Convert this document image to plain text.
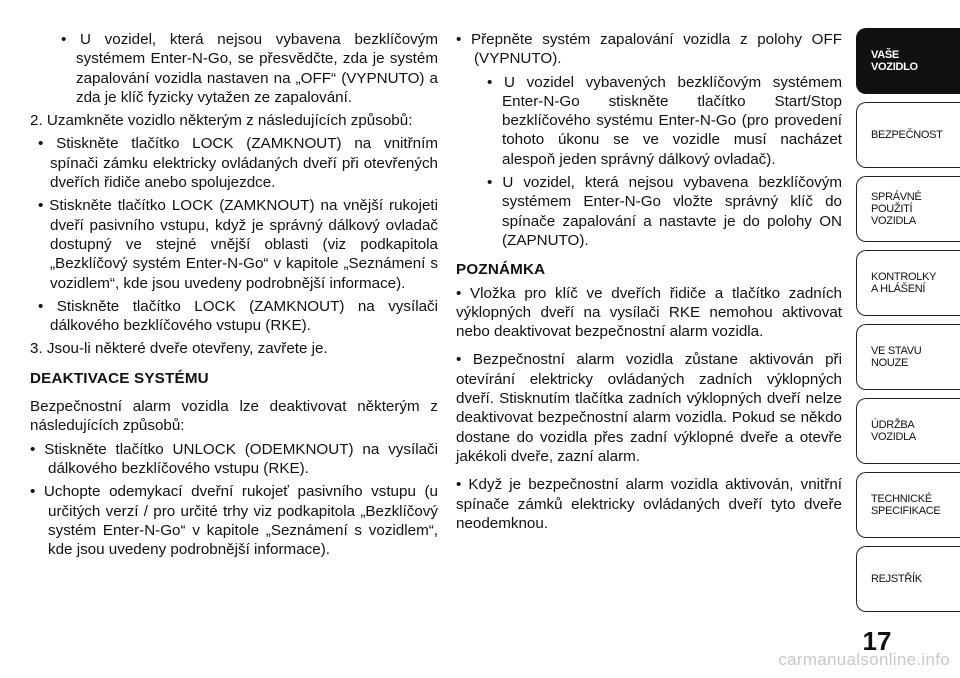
• U vozidel, která nejsou vybavena bezklíčovým systémem Enter-N-Go, se přesvědčte, zda je systém zapalování vozidla nastaven na „OFF“ (VYPNUTO) a zda je klíč fyzicky vytažen ze zapalování.

2. Uzamkněte vozidlo některým z následujících způsobů:

• Stiskněte tlačítko LOCK (ZAMKNOUT) na vnitřním spínači zámku elektricky ovládaných dveří při otevřených dveřích řidiče anebo spolujezdce.

• Stiskněte tlačítko LOCK (ZAMKNOUT) na vnější rukojeti dveří pasivního vstupu, když je správný dálkový ovladač dostupný ve stejné vnější oblasti (viz podkapitola „Bezklíčový systém Enter-N-Go“ v kapitole „Seznámení s vozidlem“, kde jsou uvedeny podrobnější informace).

• Stiskněte tlačítko LOCK (ZAMKNOUT) na vysílači dálkového bezklíčového vstupu (RKE).

3. Jsou-li některé dveře otevřeny, zavřete je.

DEAKTIVACE SYSTÉMU

Bezpečnostní alarm vozidla lze deaktivovat některým z následujících způsobů:

• Stiskněte tlačítko UNLOCK (ODEMKNOUT) na vysílači dálkového bezklíčového vstupu (RKE).

• Uchopte odemykací dveřní rukojeť pasivního vstupu (u určitých verzí / pro určité trhy viz podkapitola „Bezklíčový systém Enter-N-Go“ v kapitole „Seznámení s vozidlem“, kde jsou uvedeny podrobnější informace).

• Přepněte systém zapalování vozidla z polohy OFF (VYPNUTO).

• U vozidel vybavených bezklíčovým systémem Enter-N-Go stiskněte tlačítko Start/Stop bezklíčového systému Enter-N-Go (pro provedení tohoto úkonu se ve vozidle musí nacházet alespoň jeden správný dálkový ovladač).

• U vozidel, která nejsou vybavena bezklíčovým systémem Enter-N-Go vložte správný klíč do spínače zapalování a nastavte je do polohy ON (ZAPNUTO).

POZNÁMKA

• Vložka pro klíč ve dveřích řidiče a tlačítko zadních výklopných dveří na vysílači RKE nemohou aktivovat nebo deaktivovat bezpečnostní alarm vozidla.

• Bezpečnostní alarm vozidla zůstane aktivován při otevírání elektricky ovládaných zadních výklopných dveří. Stisknutím tlačítka zadních výklopných dveří nelze deaktivovat bezpečnostní alarm vozidla. Pokud se někdo dostane do vozidla přes zadní výklopné dveře a otevře jakékoli dveře, zazní alarm.

• Když je bezpečnostní alarm vozidla aktivován, vnitřní spínače zámků elektricky ovládaných dveří tyto dveře neodemknou.

VAŠE
VOZIDLO
BEZPEČNOST
SPRÁVNÉ
POUŽITÍ
VOZIDLA
KONTROLKY
A HLÁŠENÍ
VE STAVU
NOUZE
ÚDRŽBA
VOZIDLA
TECHNICKÉ
SPECIFIKACE
REJSTŘÍK
17
carmanualsonline.info
